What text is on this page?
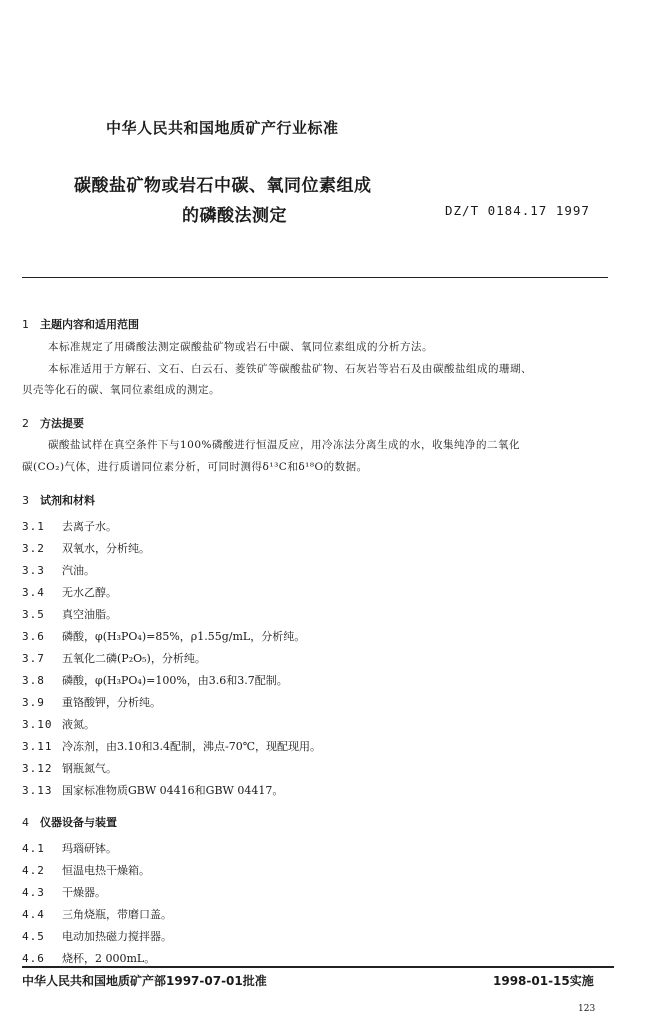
中华人民共和国地质矿产行业标准
碳酸盐矿物或岩石中碳、氧同位素组成
的磷酸法测定	DZ/T 0184.17 1997
1 主题内容和适用范围
本标准规定了用磷酸法测定碳酸盐矿物或岩石中碳、氧同位素组成的分析方法。
本标准适用于方解石、文石、白云石、菱铁矿等碳酸盐矿物、石灰岩等岩石及由碳酸盐组成的珊瑚、
贝壳等化石的碳、氧同位素组成的测定。
2 方法提要
碳酸盐试样在真空条件下与100%磷酸进行恒温反应，用冷冻法分离生成的水，收集纯净的二氧化
碳(CO₂)气体，进行质谱同位素分析，可同时测得δ¹³C和δ¹⁸O的数据。
3 试剂和材料
3.1 去离子水。
3.2 双氧水，分析纯。
3.3 汽油。
3.4 无水乙醇。
3.5 真空油脂。
3.6 磷酸，φ(H₃PO₄)=85%，ρ1.55g/mL，分析纯。
3.7 五氧化二磷(P₂O₅)，分析纯。
3.8 磷酸，φ(H₃PO₄)=100%，由3.6和3.7配制。
3.9 重铬酸钾，分析纯。
3.10 液氮。
3.11 冷冻剂，由3.10和3.4配制，沸点-70℃，现配现用。
3.12 钢瓶氮气。
3.13 国家标准物质GBW 04416和GBW 04417。
4 仪器设备与装置
4.1 玛瑙研钵。
4.2 恒温电热干燥箱。
4.3 干燥器。
4.4 三角烧瓶，带磨口盖。
4.5 电动加热磁力搅拌器。
4.6 烧杯，2 000mL。
中华人民共和国地质矿产部1997-07-01批准	1998-01-15实施
123
